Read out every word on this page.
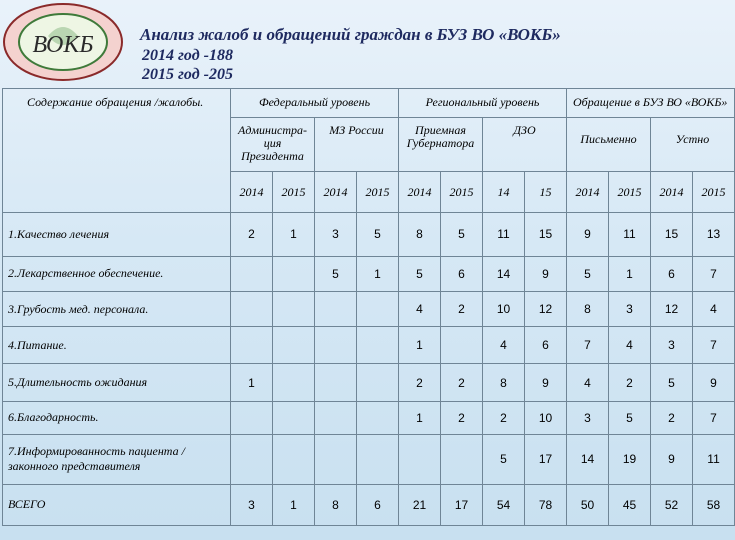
ВОКБ	Анализ жалоб и обращений граждан в БУЗ ВО «ВОКБ»

2014 год -188
2015 год -205
Содержание обращения /жалобы.	Федеральный уровень				Региональный уровень				Обращение в БУЗ ВО «ВОКБ»			
	Администра-ция Президента		МЗ России		Приемная Губернатора		ДЗО		Письменно		Устно	
	2014	2015	2014	2015	2014	2015	14	15	2014	2015	2014	2015
1.Качество лечения	2	1	3	5	8	5	11	15	9	11	15	13
2.Лекарственное обеспечение.			5	1	5	6	14	9	5	1	6	7
3.Грубость мед. персонала.					4	2	10	12	8	3	12	4
4.Питание.					1		4	6	7	4	3	7
5.Длительность ожидания	1				2	2	8	9	4	2	5	9
6.Благодарность.					1	2	2	10	3	5	2	7
7.Информированность пациента /законного представителя							5	17	14	19	9	11
ВСЕГО	3	1	8	6	21	17	54	78	50	45	52	58
